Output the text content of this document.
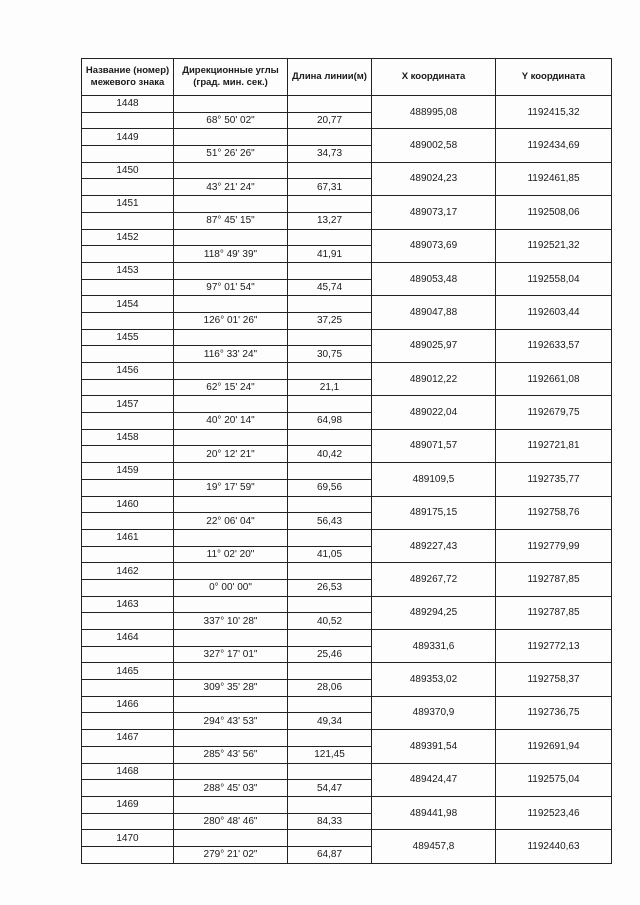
Название (номер) межевого знака	Дирекционные углы (град. мин. сек.)	Длина линии(м)	X координата	Y координата
1448			488995,08	1192415,32
	68° 50' 02"	20,77		
1449			489002,58	1192434,69
	51° 26' 26"	34,73		
1450			489024,23	1192461,85
	43° 21' 24"	67,31		
1451			489073,17	1192508,06
	87° 45' 15"	13,27		
1452			489073,69	1192521,32
	118° 49' 39"	41,91		
1453			489053,48	1192558,04
	97° 01' 54"	45,74		
1454			489047,88	1192603,44
	126° 01' 26"	37,25		
1455			489025,97	1192633,57
	116° 33' 24"	30,75		
1456			489012,22	1192661,08
	62° 15' 24"	21,1		
1457			489022,04	1192679,75
	40° 20' 14"	64,98		
1458			489071,57	1192721,81
	20° 12' 21"	40,42		
1459			489109,5	1192735,77
	19° 17' 59"	69,56		
1460			489175,15	1192758,76
	22° 06' 04"	56,43		
1461			489227,43	1192779,99
	11° 02' 20"	41,05		
1462			489267,72	1192787,85
	0° 00' 00"	26,53		
1463			489294,25	1192787,85
	337° 10' 28"	40,52		
1464			489331,6	1192772,13
	327° 17' 01"	25,46		
1465			489353,02	1192758,37
	309° 35' 28"	28,06		
1466			489370,9	1192736,75
	294° 43' 53"	49,34		
1467			489391,54	1192691,94
	285° 43' 56"	121,45		
1468			489424,47	1192575,04
	288° 45' 03"	54,47		
1469			489441,98	1192523,46
	280° 48' 46"	84,33		
1470			489457,8	1192440,63
	279° 21' 02"	64,87		
